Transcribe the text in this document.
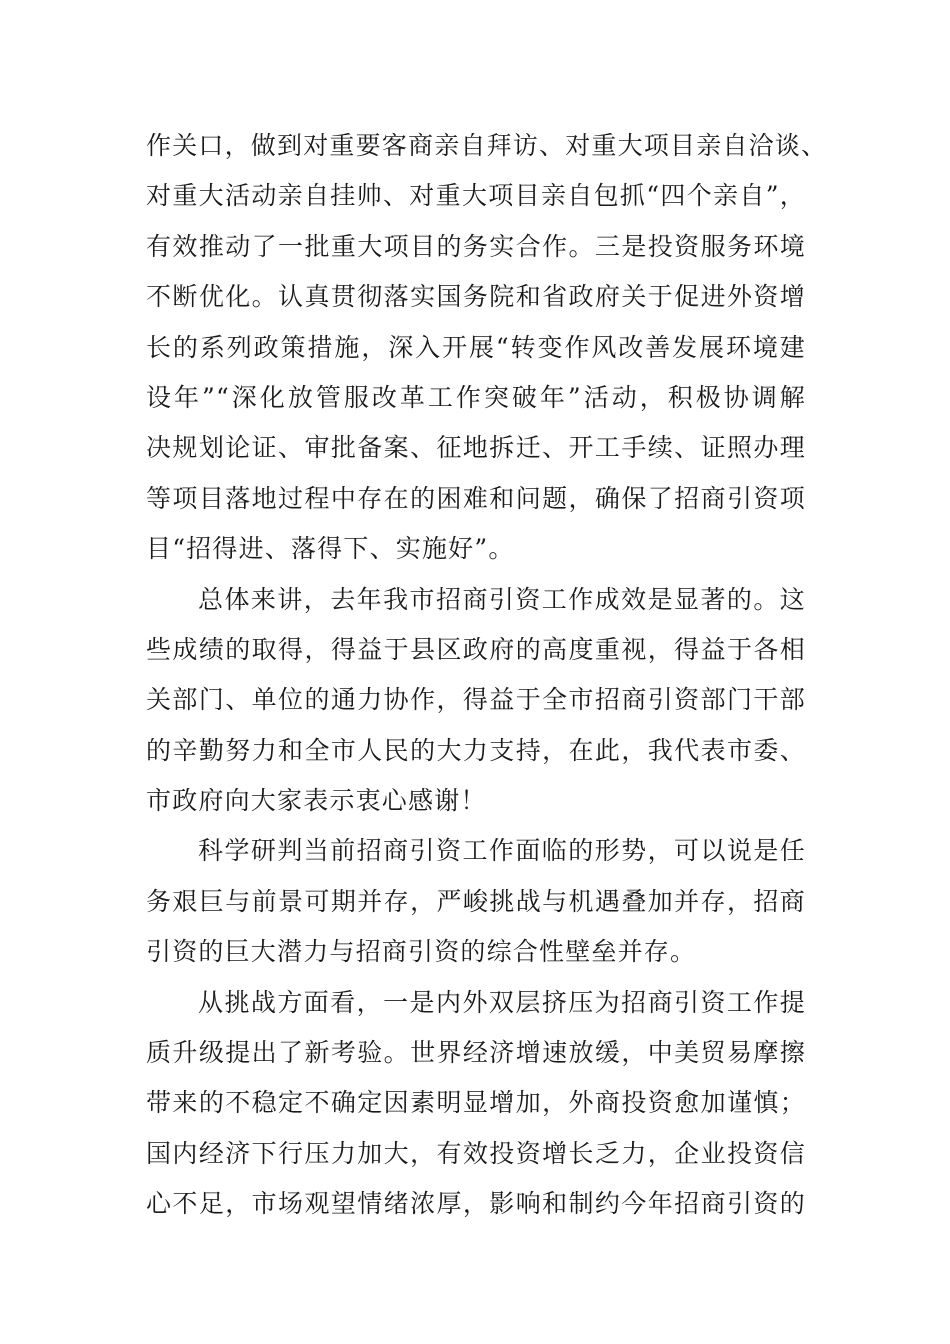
作关口，做到对重要客商亲自拜访、对重大项目亲自洽谈、
对重大活动亲自挂帅、对重大项目亲自包抓“四个亲自”，
有效推动了一批重大项目的务实合作。三是投资服务环境
不断优化。认真贯彻落实国务院和省政府关于促进外资增
长的系列政策措施，深入开展“转变作风改善发展环境建
设年”“深化放管服改革工作突破年”活动，积极协调解
决规划论证、审批备案、征地拆迁、开工手续、证照办理
等项目落地过程中存在的困难和问题，确保了招商引资项
目“招得进、落得下、实施好”。
总体来讲，去年我市招商引资工作成效是显著的。这
些成绩的取得，得益于县区政府的高度重视，得益于各相
关部门、单位的通力协作，得益于全市招商引资部门干部
的辛勤努力和全市人民的大力支持，在此，我代表市委、
市政府向大家表示衷心感谢！
科学研判当前招商引资工作面临的形势，可以说是任
务艰巨与前景可期并存，严峻挑战与机遇叠加并存，招商
引资的巨大潜力与招商引资的综合性壁垒并存。
从挑战方面看，一是内外双层挤压为招商引资工作提
质升级提出了新考验。世界经济增速放缓，中美贸易摩擦
带来的不稳定不确定因素明显增加，外商投资愈加谨慎；
国内经济下行压力加大，有效投资增长乏力，企业投资信
心不足，市场观望情绪浓厚，影响和制约今年招商引资的
